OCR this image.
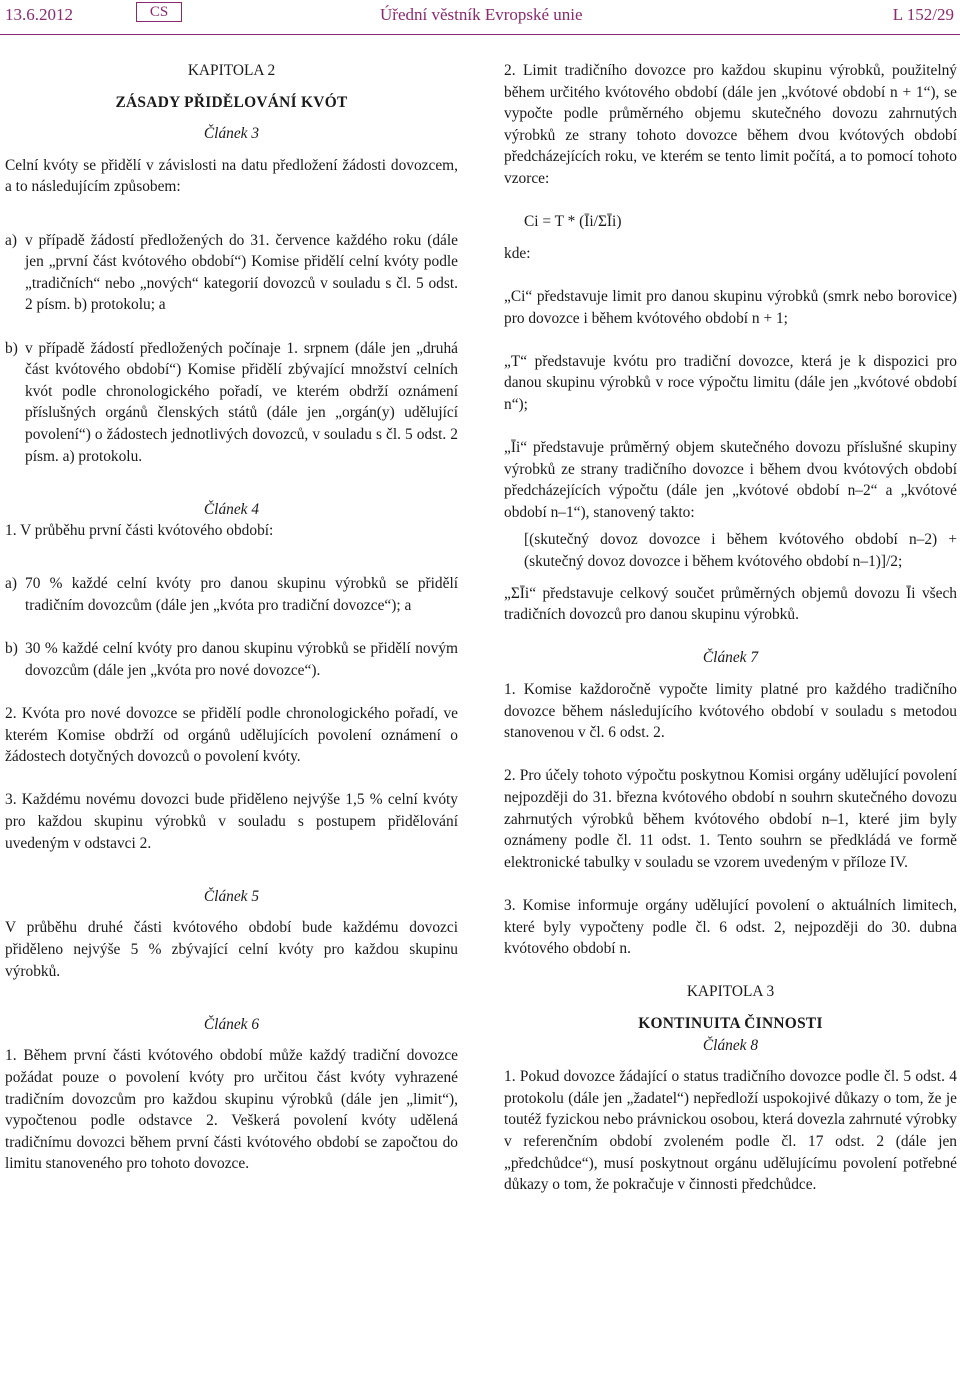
13.6.2012	CS	Úřední věstník Evropské unie	L 152/29

KAPITOLA 2

ZÁSADY PŘIDĚLOVÁNÍ KVÓT

Článek 3

Celní kvóty se přidělí v závislosti na datu předložení žádosti dovozcem, a to následujícím způsobem:

a) v případě žádostí předložených do 31. července každého roku (dále jen „první část kvótového období“) Komise přidělí celní kvóty podle „tradičních“ nebo „nových“ kategorií dovozců v souladu s čl. 5 odst. 2 písm. b) protokolu; a
b) v případě žádostí předložených počínaje 1. srpnem (dále jen „druhá část kvótového období“) Komise přidělí zbývající množství celních kvót podle chronologického pořadí, ve kterém obdrží oznámení příslušných orgánů členských států (dále jen „orgán(y) udělující povolení“) o žádostech jednotlivých dovozců, v souladu s čl. 5 odst. 2 písm. a) protokolu.

Článek 4

1. V průběhu první části kvótového období:

a) 70 % každé celní kvóty pro danou skupinu výrobků se přidělí tradičním dovozcům (dále jen „kvóta pro tradiční dovozce“); a
b) 30 % každé celní kvóty pro danou skupinu výrobků se přidělí novým dovozcům (dále jen „kvóta pro nové dovozce“).

2. Kvóta pro nové dovozce se přidělí podle chronologického pořadí, ve kterém Komise obdrží od orgánů udělujících povolení oznámení o žádostech dotyčných dovozců o povolení kvóty.

3. Každému novému dovozci bude přiděleno nejvýše 1,5 % celní kvóty pro každou skupinu výrobků v souladu s postupem přidělování uvedeným v odstavci 2.

Článek 5

V průběhu druhé části kvótového období bude každému dovozci přiděleno nejvýše 5 % zbývající celní kvóty pro každou skupinu výrobků.

Článek 6

1. Během první části kvótového období může každý tradiční dovozce požádat pouze o povolení kvóty pro určitou část kvóty vyhrazené tradičním dovozcům pro každou skupinu výrobků (dále jen „limit“), vypočtenou podle odstavce 2. Veškerá povolení kvóty udělená tradičnímu dovozci během první části kvótového období se započtou do limitu stanoveného pro tohoto dovozce.

2. Limit tradičního dovozce pro každou skupinu výrobků, použitelný během určitého kvótového období (dále jen „kvótové období n + 1“), se vypočte podle průměrného objemu skutečného dovozu zahrnutých výrobků ze strany tohoto dovozce během dvou kvótových období předcházejících roku, ve kterém se tento limit počítá, a to pomocí tohoto vzorce:

Ci = T * (Īi/ΣĪi)

kde:

„Ci“ představuje limit pro danou skupinu výrobků (smrk nebo borovice) pro dovozce i během kvótového období n + 1;

„T“ představuje kvótu pro tradiční dovozce, která je k dispozici pro danou skupinu výrobků v roce výpočtu limitu (dále jen „kvótové období n“);

„Īi“ představuje průměrný objem skutečného dovozu příslušné skupiny výrobků ze strany tradičního dovozce i během dvou kvótových období předcházejících výpočtu (dále jen „kvótové období n–2“ a „kvótové období n–1“), stanovený takto:

[(skutečný dovoz dovozce i během kvótového období n–2) + (skutečný dovoz dovozce i během kvótového období n–1)]/2;

„ΣĪi“ představuje celkový součet průměrných objemů dovozu Īi všech tradičních dovozců pro danou skupinu výrobků.

Článek 7

1. Komise každoročně vypočte limity platné pro každého tradičního dovozce během následujícího kvótového období v souladu s metodou stanovenou v čl. 6 odst. 2.

2. Pro účely tohoto výpočtu poskytnou Komisi orgány udělující povolení nejpozději do 31. března kvótového období n souhrn skutečného dovozu zahrnutých výrobků během kvótového období n–1, které jim byly oznámeny podle čl. 11 odst. 1. Tento souhrn se předkládá ve formě elektronické tabulky v souladu se vzorem uvedeným v příloze IV.

3. Komise informuje orgány udělující povolení o aktuálních limitech, které byly vypočteny podle čl. 6 odst. 2, nejpozději do 30. dubna kvótového období n.

KAPITOLA 3

KONTINUITA ČINNOSTI

Článek 8

1. Pokud dovozce žádající o status tradičního dovozce podle čl. 5 odst. 4 protokolu (dále jen „žadatel“) nepředloží uspokojivé důkazy o tom, že je toutéž fyzickou nebo právnickou osobou, která dovezla zahrnuté výrobky v referenčním období zvoleném podle čl. 17 odst. 2 (dále jen „předchůdce“), musí poskytnout orgánu udělujícímu povolení potřebné důkazy o tom, že pokračuje v činnosti předchůdce.
